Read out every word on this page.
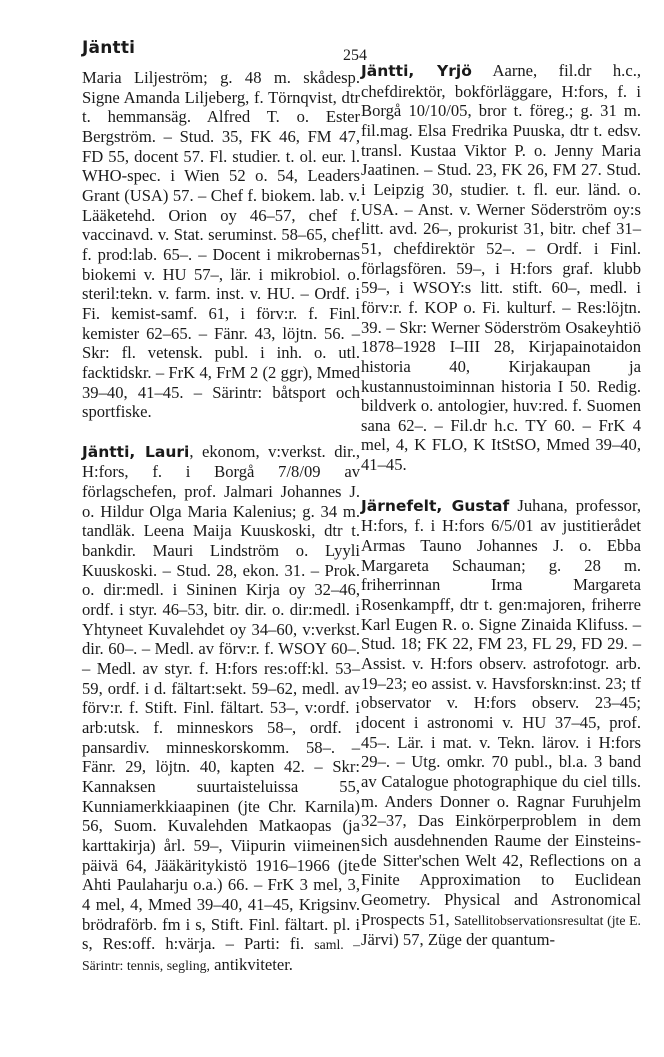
Jäntti	254

Maria Liljeström; g. 48 m. skådesp. Signe Amanda Liljeberg, f. Törnqvist, dtr t. hemmansäg. Alfred T. o. Ester Bergström. – Stud. 35, FK 46, FM 47, FD 55, docent 57. Fl. studier. t. ol. eur. l. WHO-spec. i Wien 52 o. 54, Leaders Grant (USA) 57. – Chef f. biokem. lab. v. Lääketehd. Orion oy 46–57, chef f. vaccinavd. v. Stat. seruminst. 58–65, chef f. prod:lab. 65–. – Docent i mikrobernas biokemi v. HU 57–, lär. i mikrobiol. o. steril:tekn. v. farm. inst. v. HU. – Ordf. i Fi. kemist-samf. 61, i förv:r. f. Finl. kemister 62–65. – Fänr. 43, löjtn. 56. – Skr: fl. vetensk. publ. i inh. o. utl. facktidskr. – FrK 4, FrM 2 (2 ggr), Mmed 39–40, 41–45. – Särintr: båtsport och sportfiske.

Jäntti, Lauri, ekonom, v:verkst. dir., H:fors, f. i Borgå 7/8/09 av förlagschefen, prof. Jalmari Johannes J. o. Hildur Olga Maria Kalenius; g. 34 m. tandläk. Leena Maija Kuuskoski, dtr t. bankdir. Mauri Lindström o. Lyyli Kuuskoski. – Stud. 28, ekon. 31. – Prok. o. dir:medl. i Sininen Kirja oy 32–46, ordf. i styr. 46–53, bitr. dir. o. dir:medl. i Yhtyneet Kuvalehdet oy 34–60, v:verkst. dir. 60–. – Medl. av förv:r. f. WSOY 60–. – Medl. av styr. f. H:fors res:off:kl. 53–59, ordf. i d. fältart:sekt. 59–62, medl. av förv:r. f. Stift. Finl. fältart. 53–, v:ordf. i arb:utsk. f. minneskors 58–, ordf. i pansardiv. minneskorskomm. 58–. – Fänr. 29, löjtn. 40, kapten 42. – Skr: Kannaksen suurtaisteluissa 55, Kunniamerkkiaapinen (jte Chr. Karnila) 56, Suom. Kuvalehden Matkaopas (ja karttakirja) årl. 59–, Viipurin viimeinen päivä 64, Jääkäritykistö 1916–1966 (jte Ahti Paulaharju o.a.) 66. – FrK 3 mel, 3, 4 mel, 4, Mmed 39–40, 41–45, Krigsinv. brödraförb. fm i s, Stift. Finl. fältart. pl. i s, Res:off. h:värja. – Parti: fi. saml. – Särintr: tennis, segling, antikviteter.

Jäntti, Yrjö Aarne, fil.dr h.c., chefdirektör, bokförläggare, H:fors, f. i Borgå 10/10/05, bror t. föreg.; g. 31 m. fil.mag. Elsa Fredrika Puuska, dtr t. edsv. transl. Kustaa Viktor P. o. Jenny Maria Jaatinen. – Stud. 23, FK 26, FM 27. Stud. i Leipzig 30, studier. t. fl. eur. länd. o. USA. – Anst. v. Werner Söderström oy:s litt. avd. 26–, prokurist 31, bitr. chef 31–51, chefdirektör 52–. – Ordf. i Finl. förlagsfören. 59–, i H:fors graf. klubb 59–, i WSOY:s litt. stift. 60–, medl. i förv:r. f. KOP o. Fi. kulturf. – Res:löjtn. 39. – Skr: Werner Söderström Osakeyhtiö 1878–1928 I–III 28, Kirjapainotaidon historia 40, Kirjakaupan ja kustannustoiminnan historia I 50. Redig. bildverk o. antologier, huv:red. f. Suomen sana 62–. – Fil.dr h.c. TY 60. – FrK 4 mel, 4, K FLO, K ItStSO, Mmed 39–40, 41–45.

Järnefelt, Gustaf Juhana, professor, H:fors, f. i H:fors 6/5/01 av justitierådet Armas Tauno Johannes J. o. Ebba Margareta Schauman; g. 28 m. friherrinnan Irma Margareta Rosenkampff, dtr t. gen:majoren, friherre Karl Eugen R. o. Signe Zinaida Klifuss. – Stud. 18; FK 22, FM 23, FL 29, FD 29. – Assist. v. H:fors observ. astrofotogr. arb. 19–23; eo assist. v. Havsforskn:inst. 23; tf observator v. H:fors observ. 23–45; docent i astronomi v. HU 37–45, prof. 45–. Lär. i mat. v. Tekn. lärov. i H:fors 29–. – Utg. omkr. 70 publ., bl.a. 3 band av Catalogue photographique du ciel tills. m. Anders Donner o. Ragnar Furuhjelm 32–37, Das Einkörperproblem in dem sich ausdehnenden Raume der Einsteins-de Sitter'schen Welt 42, Reflections on a Finite Approximation to Euclidean Geometry. Physical and Astronomical Prospects 51, Satellitobservationsresultat (jte E. Järvi) 57, Züge der quantum-
